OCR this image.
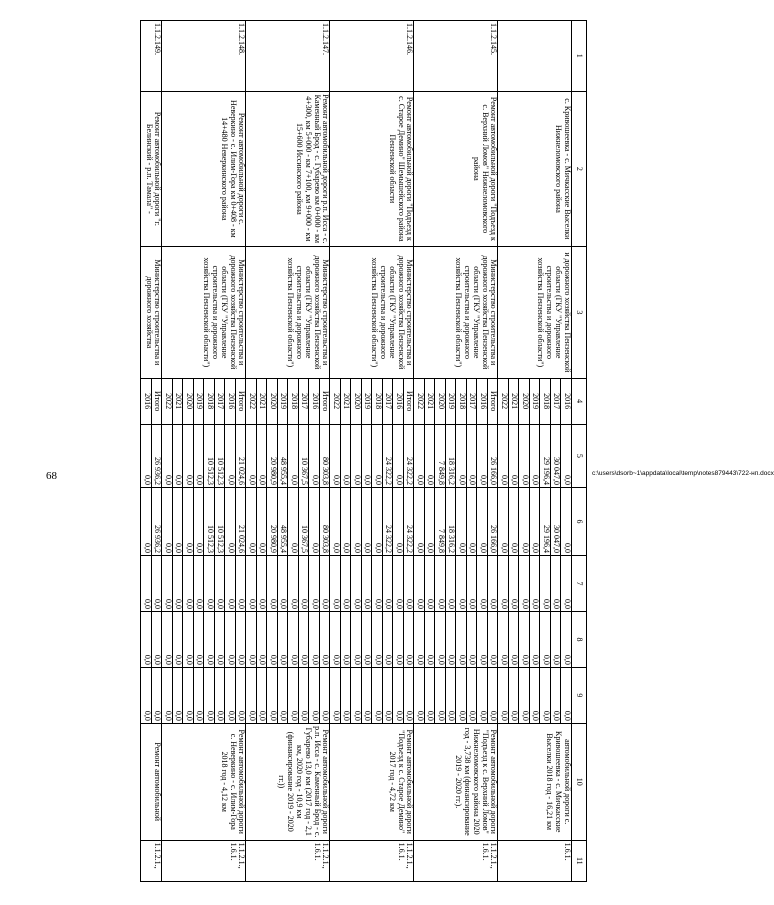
68	c:\users\dsorb~1\appdata\local\temp\notes879443\722-нп.docx
1	2	3	4	5	6	7	8	9	10	11
	с. Кривошеевка - с. Мичкасские Выселки Нижнеломовского района	и дорожного хозяйства Пензенской области (ГКУ "Управление строительства и дорожного хозяйства Пензенской области")	2016	0,0	0,0	0,0	0,0	0,0	автомобильной дороги с. Кривошеевка - с. Мичкасские Выселки 2018 год - 16,21 км	1.6.1.
			2017	30 047,0	30 047,0	0,0	0,0	0,0		
			2018	29 196,4	29 196,4	0,0	0,0	0,0		
			2019	0,0	0,0	0,0	0,0	0,0		
			2020	0,0	0,0	0,0	0,0	0,0		
			2021	0,0	0,0	0,0	0,0	0,0		
			2022	0,0	0,0	0,0	0,0	0,0		
1.1.2.145.	Ремонт автомобильной дороги "Подъезд к с. Верхний Ломов" Нижнеломовского района	Министерство строительства и дорожного хозяйства Пензенской области (ГКУ "Управление строительства и дорожного хозяйства Пензенской области")	Итого	26 166,0	26 166,0	0,0	0,0	0,0	Ремонт автомобильной дороги "Подъезд к с. Верхний Ломов" Нижнеломовского района 2020 год - 3,738 км (финансирование 2019 - 2020 гг.).	1.1.2.1., 1.6.1.
			2016	0,0	0,0	0,0	0,0	0,0		
			2017	0,0	0,0	0,0	0,0	0,0		
			2018	0,0	0,0	0,0	0,0	0,0		
			2019	18 316,2	18 316,2	0,0	0,0	0,0		
			2020	7 849,8	7 849,8	0,0	0,0	0,0		
			2021	0,0	0,0	0,0	0,0	0,0		
			2022	0,0	0,0	0,0	0,0	0,0		
1.1.2.146.	Ремонт автомобильной дороги "Подъезд к с. Старое Демино" Шемышейского района Пензенской области	Министерство строительства и дорожного хозяйства Пензенской области (ГКУ "Управление строительства и дорожного хозяйства Пензенской области")	Итого	24 322,2	24 322,2	0,0	0,0	0,0	Ремонт автомобильной дороги "Подъезд к с. Старое Демино" 2017 год - 4,72 км	1.1.2.1., 1.6.1.
			2016	0,0	0,0	0,0	0,0	0,0		
			2017	24 322,2	24 322,2	0,0	0,0	0,0		
			2018	0,0	0,0	0,0	0,0	0,0		
			2019	0,0	0,0	0,0	0,0	0,0		
			2020	0,0	0,0	0,0	0,0	0,0		
			2021	0,0	0,0	0,0	0,0	0,0		
			2022	0,0	0,0	0,0	0,0	0,0		
1.1.2.147.	Ремонт автомобильной дороги р.п. Исса - с. Каменный Брод - с. Губарево км 0+000 - км 4+300, км 5+000 - км 7+100, км 9+000 - км 15+600 Иссинского района	Министерство строительства и дорожного хозяйства Пензенской области (ГКУ "Управление строительства и дорожного хозяйства Пензенской области")	Итого	80 303,8	80 303,8	0,0	0,0	0,0	Ремонт автомобильной дороги р.п. Исса - с. Каменный Брод - с. Губарево 13,0 км (2017 год - 2,1 км, 2020 год - 10,9 км (финансирование 2019 - 2020 гг.))	1.1.2.1., 1.6.1.
			2016	0,0	0,0	0,0	0,0	0,0		
			2017	10 367,5	10 367,5	0,0	0,0	0,0		
			2018	0,0	0,0	0,0	0,0	0,0		
			2019	48 955,4	48 955,4	0,0	0,0	0,0		
			2020	20 980,9	20 980,9	0,0	0,0	0,0		
			2021	0,0	0,0	0,0	0,0	0,0		
			2022	0,0	0,0	0,0	0,0	0,0		
1.1.2.148.	Ремонт автомобильной дороги с. Неверкино - с. Илим-Гора км 0+408 - км 14+480 Неверкинского района	Министерство строительства и дорожного хозяйства Пензенской области (ГКУ "Управление строительства и дорожного хозяйства Пензенской области")	Итого	21 024,6	21 024,6	0,0	0,0	0,0	Ремонт автомобильной дороги с. Неверкино - с. Илим-Гора 2018 год - 4,12 км	1.1.2.1., 1.6.1.
			2016	0,0	0,0	0,0	0,0	0,0		
			2017	10 512,3	10 512,3	0,0	0,0	0,0		
			2018	10 512,3	10 512,3	0,0	0,0	0,0		
			2019	0,0	0,0	0,0	0,0	0,0		
			2020	0,0	0,0	0,0	0,0	0,0		
			2021	0,0	0,0	0,0	0,0	0,0		
			2022	0,0	0,0	0,0	0,0	0,0		
1.1.2.149.	Ремонт автомобильной дороги "г. Белинский - р.п. Тамала" -	Министерство строительства и дорожного хозяйства	Итого	26 936,2	26 936,2	0,0	0,0	0,0	Ремонт автомобильной	1.1.2.1.,
			2016	0,0	0,0	0,0	0,0	0,0		
